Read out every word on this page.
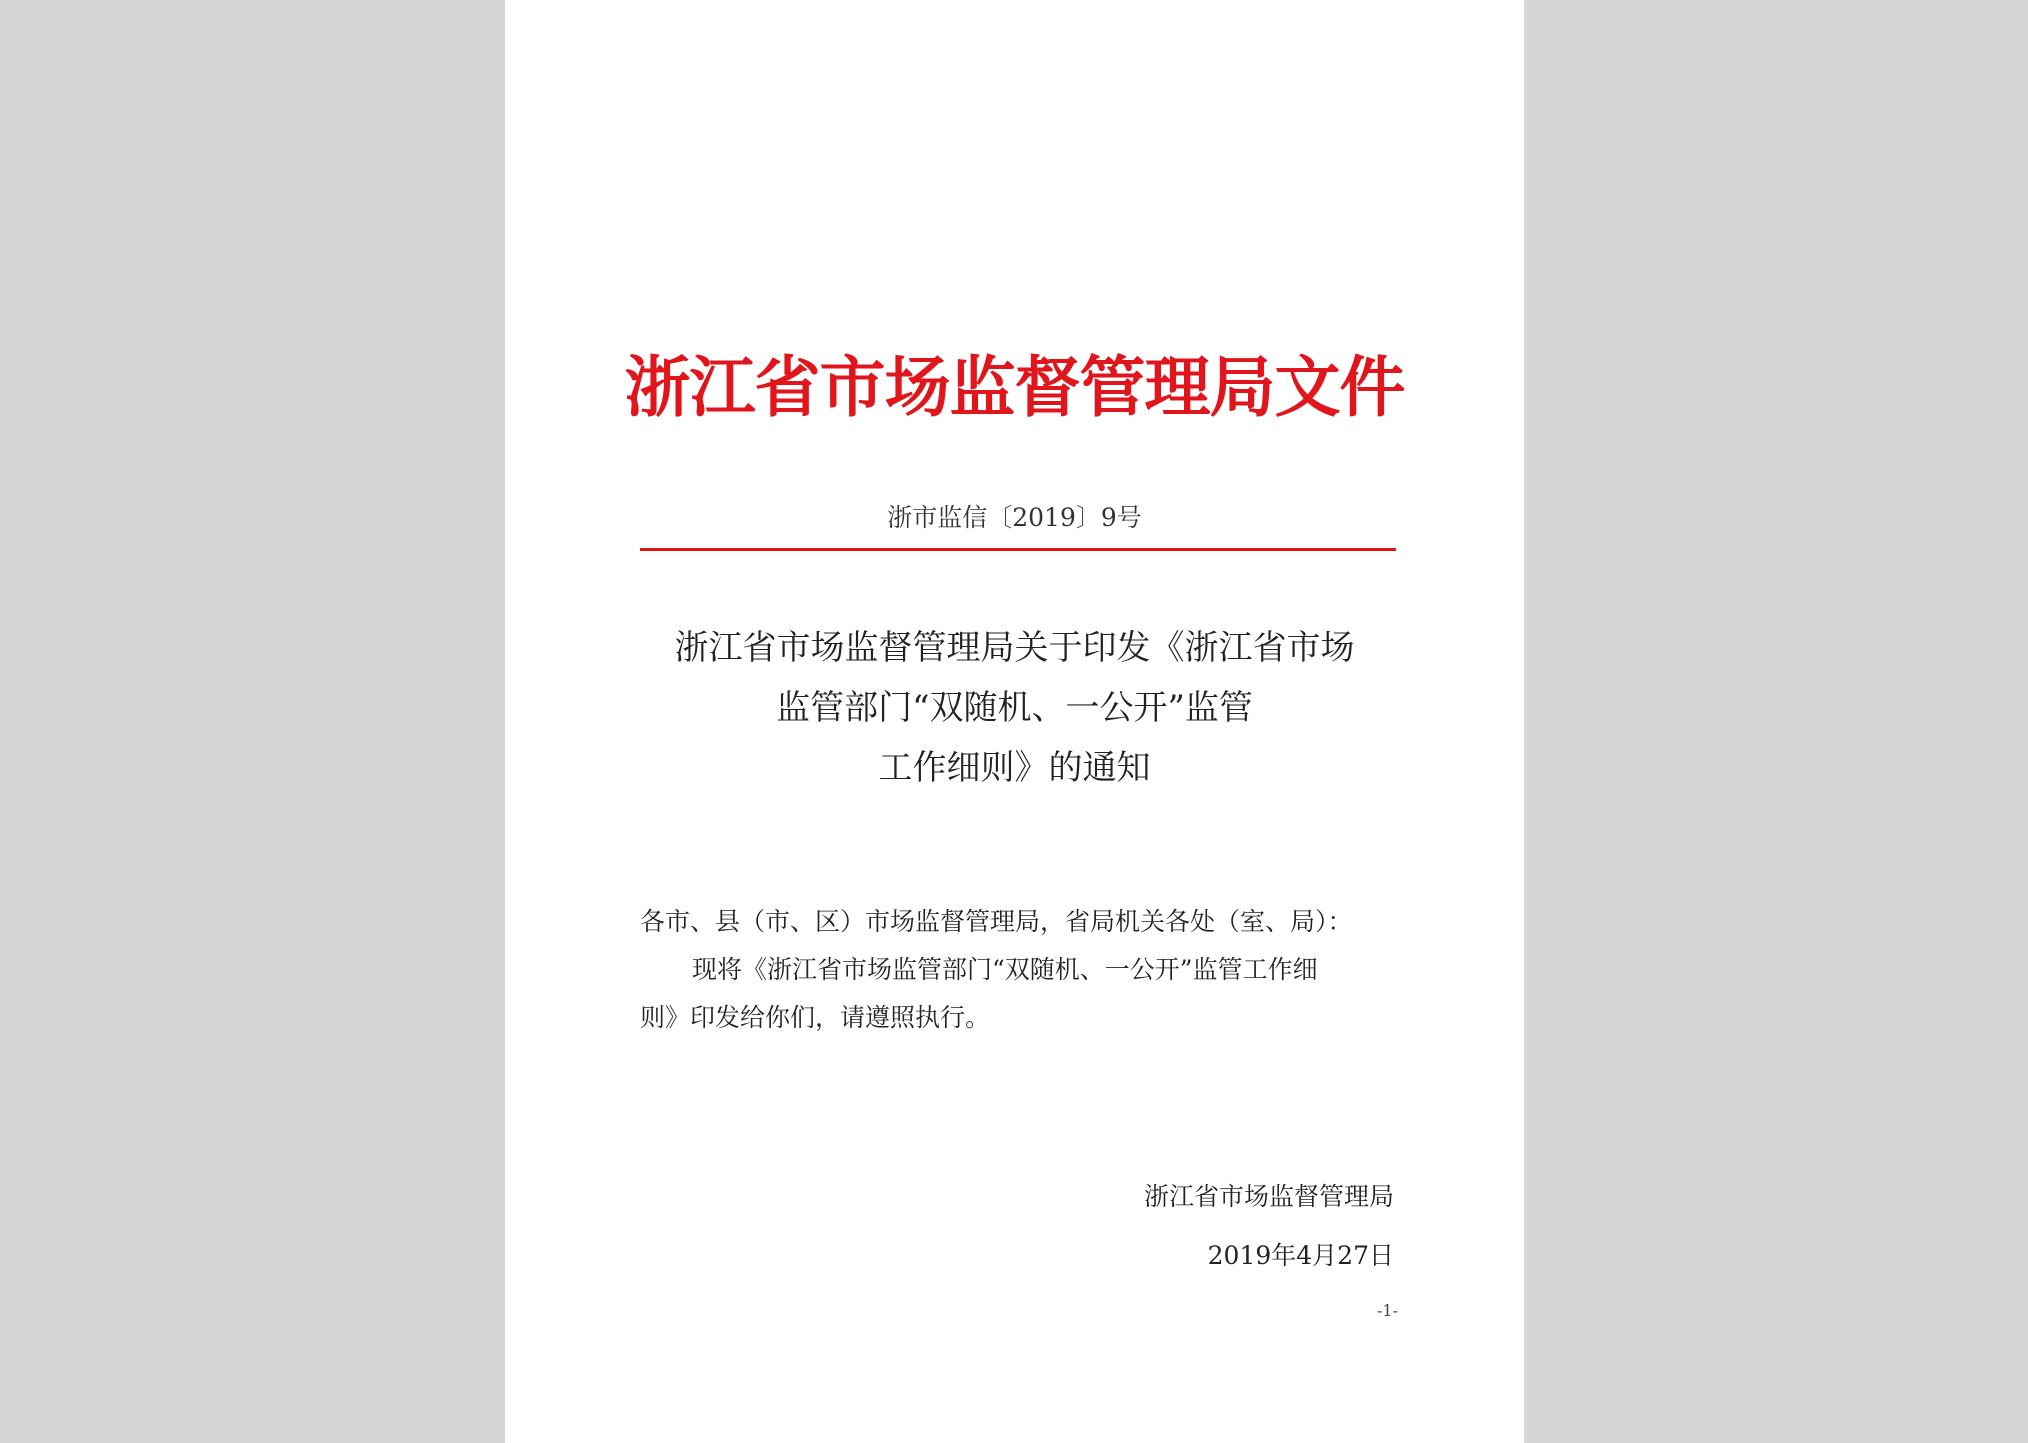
浙江省市场监督管理局文件
浙市监信〔2019〕9号
浙江省市场监督管理局关于印发《浙江省市场
监管部门“双随机、一公开”监管
工作细则》的通知
各市、县（市、区）市场监督管理局，省局机关各处（室、局）：
现将《浙江省市场监管部门“双随机、一公开”监管工作细
则》印发给你们，请遵照执行。
浙江省市场监督管理局
2019年4月27日
-1-
